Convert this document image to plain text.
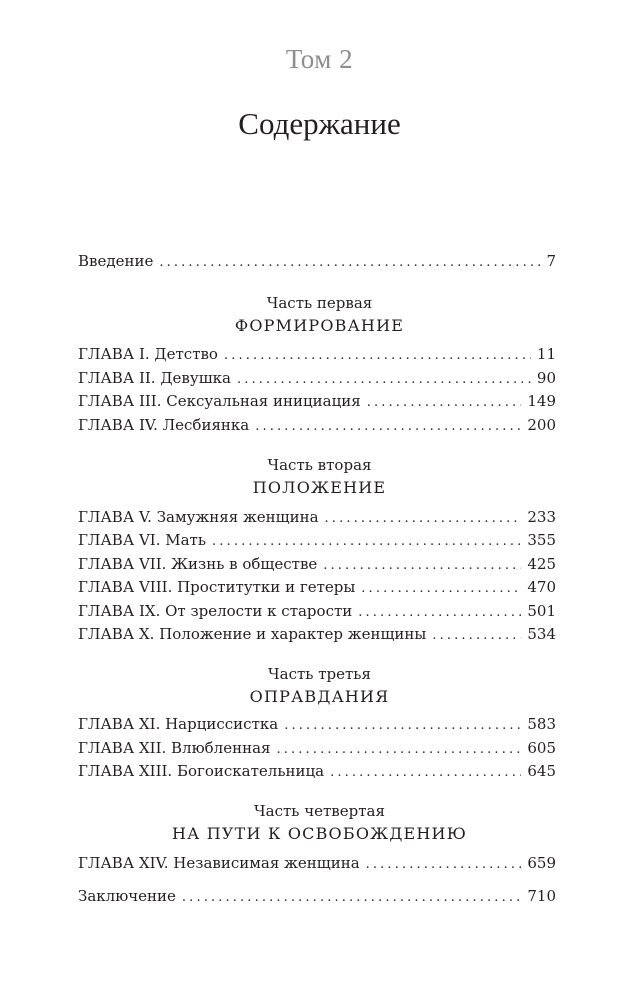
Том 2
Содержание
Введение . . .	7
Часть первая
ФОРМИРОВАНИЕ
ГЛАВА I. Детство . . .	11
ГЛАВА II. Девушка . . .	90
ГЛАВА III. Сексуальная инициация . . .	149
ГЛАВА IV. Лесбиянка . . .	200
Часть вторая
ПОЛОЖЕНИЕ
ГЛАВА V. Замужняя женщина . . .	233
ГЛАВА VI. Мать . . .	355
ГЛАВА VII. Жизнь в обществе . . .	425
ГЛАВА VIII. Проститутки и гетеры . . .	470
ГЛАВА IX. От зрелости к старости . . .	501
ГЛАВА X. Положение и характер женщины . . .	534
Часть третья
ОПРАВДАНИЯ
ГЛАВА XI. Нарциссистка . . .	583
ГЛАВА XII. Влюбленная . . .	605
ГЛАВА XIII. Богоискательница . . .	645
Часть четвертая
НА ПУТИ К ОСВОБОЖДЕНИЮ
ГЛАВА XIV. Независимая женщина . . .	659
Заключение . . .	710
